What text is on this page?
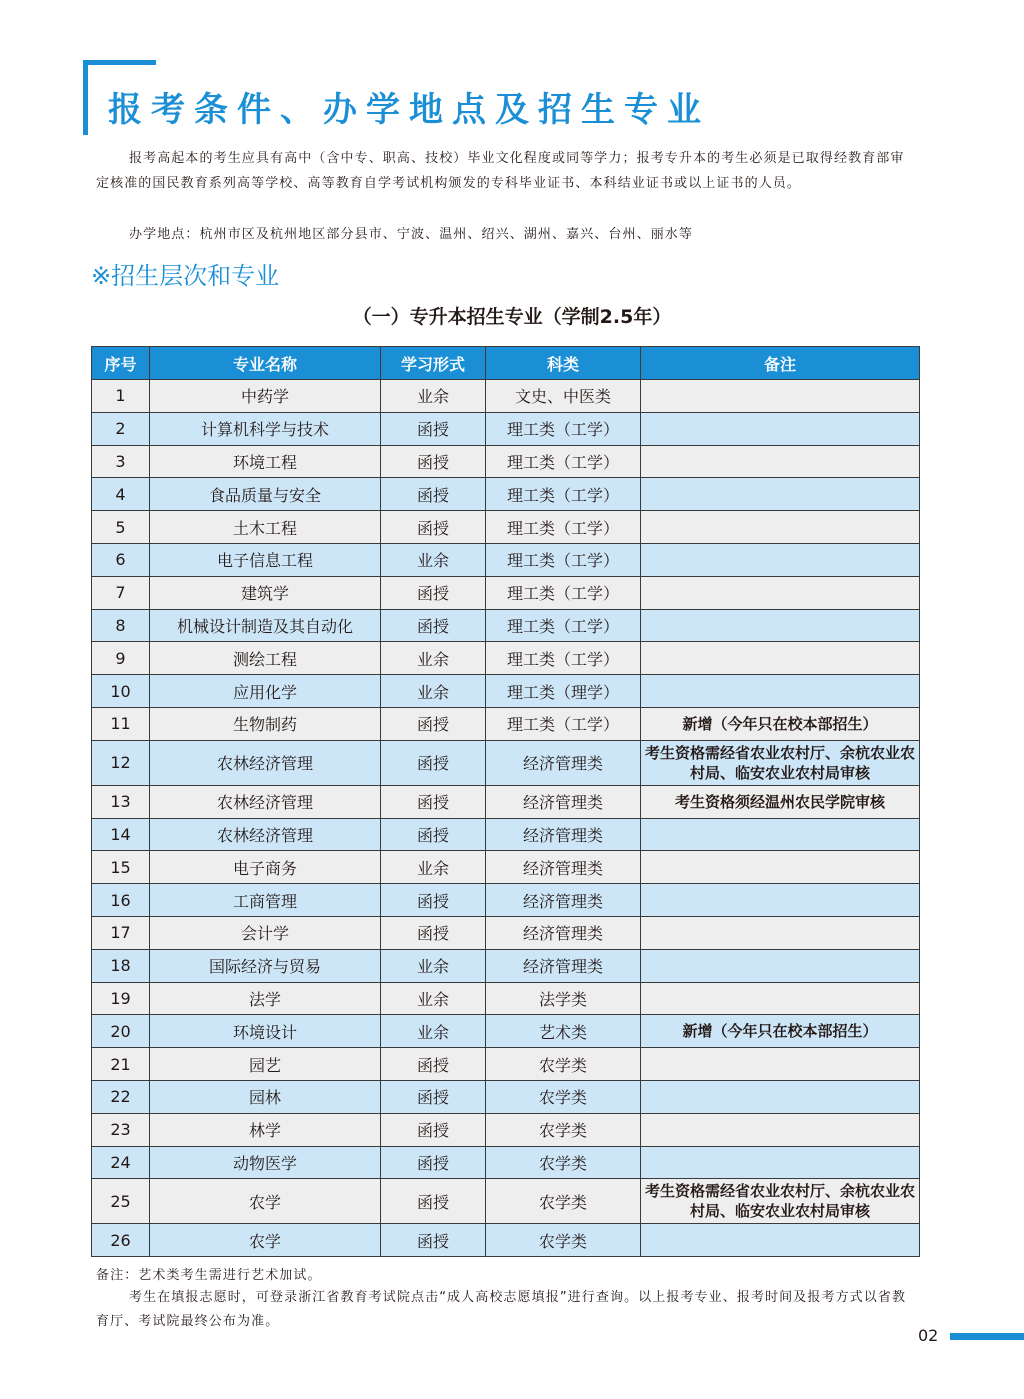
报考条件、办学地点及招生专业

报考高起本的考生应具有高中（含中专、职高、技校）毕业文化程度或同等学力；报考专升本的考生必须是已取得经教育部审定核准的国民教育系列高等学校、高等教育自学考试机构颁发的专科毕业证书、本科结业证书或以上证书的人员。

办学地点：杭州市区及杭州地区部分县市、宁波、温州、绍兴、湖州、嘉兴、台州、丽水等

※招生层次和专业
（一）专升本招生专业（学制2.5年）
序号	专业名称	学习形式	科类	备注
1	中药学	业余	文史、中医类	
2	计算机科学与技术	函授	理工类（工学）	
3	环境工程	函授	理工类（工学）	
4	食品质量与安全	函授	理工类（工学）	
5	土木工程	函授	理工类（工学）	
6	电子信息工程	业余	理工类（工学）	
7	建筑学	函授	理工类（工学）	
8	机械设计制造及其自动化	函授	理工类（工学）	
9	测绘工程	业余	理工类（工学）	
10	应用化学	业余	理工类（理学）	
11	生物制药	函授	理工类（工学）	新增（今年只在校本部招生）
12	农林经济管理	函授	经济管理类	考生资格需经省农业农村厅、余杭农业农村局、临安农业农村局审核
13	农林经济管理	函授	经济管理类	考生资格须经温州农民学院审核
14	农林经济管理	函授	经济管理类	
15	电子商务	业余	经济管理类	
16	工商管理	函授	经济管理类	
17	会计学	函授	经济管理类	
18	国际经济与贸易	业余	经济管理类	
19	法学	业余	法学类	
20	环境设计	业余	艺术类	新增（今年只在校本部招生）
21	园艺	函授	农学类	
22	园林	函授	农学类	
23	林学	函授	农学类	
24	动物医学	函授	农学类	
25	农学	函授	农学类	考生资格需经省农业农村厅、余杭农业农村局、临安农业农村局审核
26	农学	函授	农学类	

备注：艺术类考生需进行艺术加试。

考生在填报志愿时，可登录浙江省教育考试院点击“成人高校志愿填报”进行查询。以上报考专业、报考时间及报考方式以省教育厅、考试院最终公布为准。

02
